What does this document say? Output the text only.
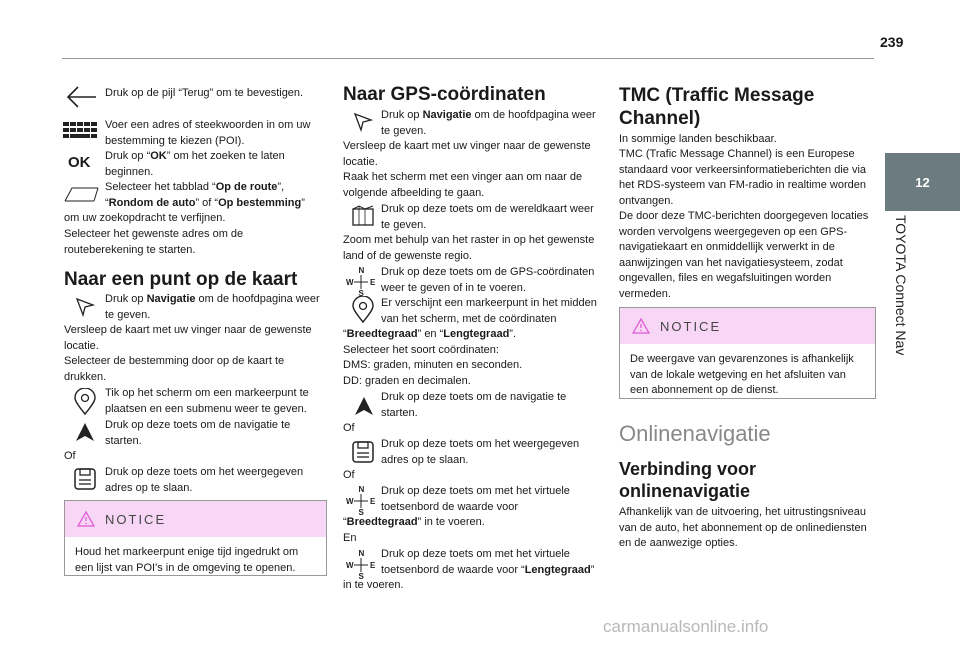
239
12
TOYOTA Connect Nav
Druk op de pijl “Terug” om te bevestigen.
Voer een adres of steekwoorden in om uw bestemming te kiezen (POI).
OK Druk op “OK” om het zoeken te laten beginnen.
Selecteer het tabblad “Op de route”, “Rondom de auto” of “Op bestemming”
om uw zoekopdracht te verfijnen.
Selecteer het gewenste adres om de routeberekening te starten.
Naar een punt op de kaart
Druk op Navigatie om de hoofdpagina weer te geven.
Versleep de kaart met uw vinger naar de gewenste locatie.
Selecteer de bestemming door op de kaart te drukken.
Tik op het scherm om een markeerpunt te plaatsen en een submenu weer te geven.
Druk op deze toets om de navigatie te starten.
Of
Druk op deze toets om het weergegeven adres op te slaan.
NOTICE
Houd het markeerpunt enige tijd ingedrukt om een lijst van POI's in de omgeving te openen.
Naar GPS-coördinaten
Druk op Navigatie om de hoofdpagina weer te geven.
Versleep de kaart met uw vinger naar de gewenste locatie.
Raak het scherm met een vinger aan om naar de volgende afbeelding te gaan.
Druk op deze toets om de wereldkaart weer te geven.
Zoom met behulp van het raster in op het gewenste land of de gewenste regio.
N
S
W E
Druk op deze toets om de GPS-coördinaten weer te geven of in te voeren.
Er verschijnt een markeerpunt in het midden van het scherm, met de coördinaten
“Breedtegraad” en “Lengtegraad”.
Selecteer het soort coördinaten:
DMS: graden, minuten en seconden.
DD: graden en decimalen.
Druk op deze toets om de navigatie te starten.
Of
Druk op deze toets om het weergegeven adres op te slaan.
Of
N
S
W E
Druk op deze toets om met het virtuele toetsenbord de waarde voor
“Breedtegraad” in te voeren.
En
N
S
W E
Druk op deze toets om met het virtuele toetsenbord de waarde voor “Lengtegraad”
in te voeren.
TMC (Traffic Message Channel)
In sommige landen beschikbaar.
TMC (Trafic Message Channel) is een Europese standaard voor verkeersinformatieberichten die via het RDS-systeem van FM-radio in realtime worden ontvangen.
De door deze TMC-berichten doorgegeven locaties worden vervolgens weergegeven op een GPS-navigatiekaart en onmiddellijk verwerkt in de aanwijzingen van het navigatiesysteem, zodat ongevallen, files en wegafsluitingen worden vermeden.
NOTICE
De weergave van gevarenzones is afhankelijk van de lokale wetgeving en het afsluiten van een abonnement op de dienst.
Onlinenavigatie
Verbinding voor onlinenavigatie
Afhankelijk van de uitvoering, het uitrustingsniveau van de auto, het abonnement op de onlinediensten en de aanwezige opties.
carmanualsonline.info
